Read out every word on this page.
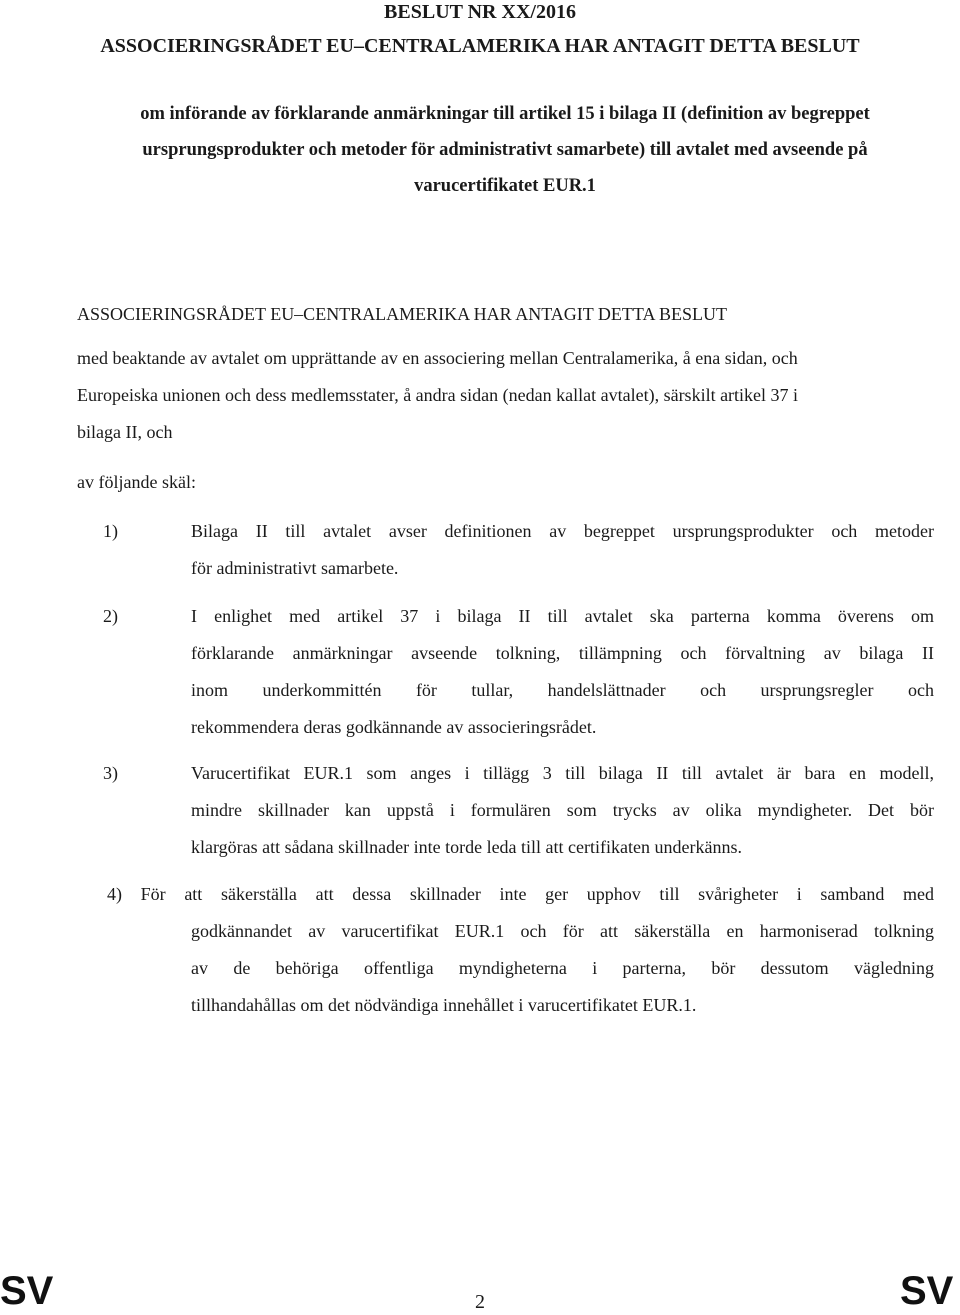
BESLUT NR XX/2016
ASSOCIERINGSRÅDET EU–CENTRALAMERIKA HAR ANTAGIT DETTA BESLUT
om införande av förklarande anmärkningar till artikel 15 i bilaga II (definition av begreppet
ursprungsprodukter och metoder för administrativt samarbete) till avtalet med avseende på
varucertifikatet EUR.1
ASSOCIERINGSRÅDET EU–CENTRALAMERIKA HAR ANTAGIT DETTA BESLUT
med beaktande av avtalet om upprättande av en associering mellan Centralamerika, å ena sidan, och
Europeiska unionen och dess medlemsstater, å andra sidan (nedan kallat avtalet), särskilt artikel 37 i
bilaga II, och
av följande skäl:
1)	Bilaga II till avtalet avser definitionen av begreppet ursprungsprodukter och metoder
för administrativt samarbete.
2)	I enlighet med artikel 37 i bilaga II till avtalet ska parterna komma överens om
förklarande anmärkningar avseende tolkning, tillämpning och förvaltning av bilaga II
inom underkommittén för tullar, handelslättnader och ursprungsregler och
rekommendera deras godkännande av associeringsrådet.
3)	Varucertifikat EUR.1 som anges i tillägg 3 till bilaga II till avtalet är bara en modell,
mindre skillnader kan uppstå i formulären som trycks av olika myndigheter. Det bör
klargöras att sådana skillnader inte torde leda till att certifikaten underkänns.
4) För att säkerställa att dessa skillnader inte ger upphov till svårigheter i samband med
godkännandet av varucertifikat EUR.1 och för att säkerställa en harmoniserad tolkning
av de behöriga offentliga myndigheterna i parterna, bör dessutom vägledning
tillhandahållas om det nödvändiga innehållet i varucertifikatet EUR.1.
SV	2	SV
